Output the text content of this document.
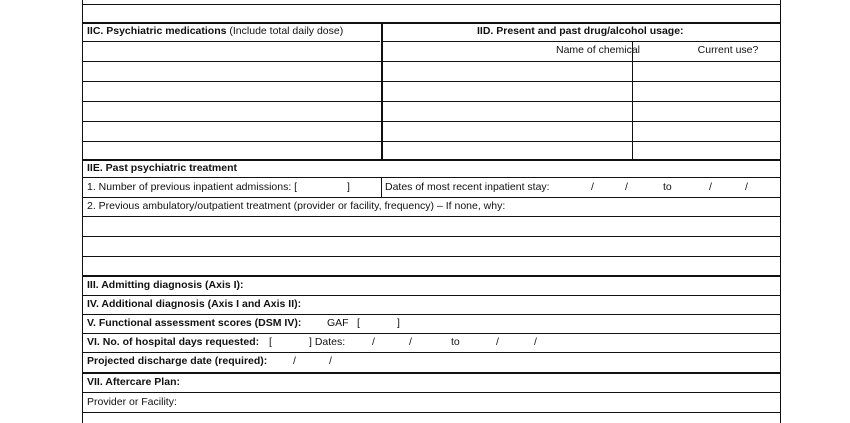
IIC. Psychiatric medications (Include total daily dose)	IID. Present and past drug/alcohol usage:
Name of chemical	Current use?
IIE. Past psychiatric treatment
1. Number of previous inpatient admissions: [	]	Dates of most recent inpatient stay:	/	/	to	/	/
2. Previous ambulatory/outpatient treatment (provider or facility, frequency) – If none, why:
III. Admitting diagnosis (Axis I):
IV. Additional diagnosis (Axis I and Axis II):
V. Functional assessment scores (DSM IV): GAF [	]
VI. No. of hospital days requested: [	] Dates:	/	/	to	/	/
Projected discharge date (required): /	/
VII. Aftercare Plan:
Provider or Facility:
